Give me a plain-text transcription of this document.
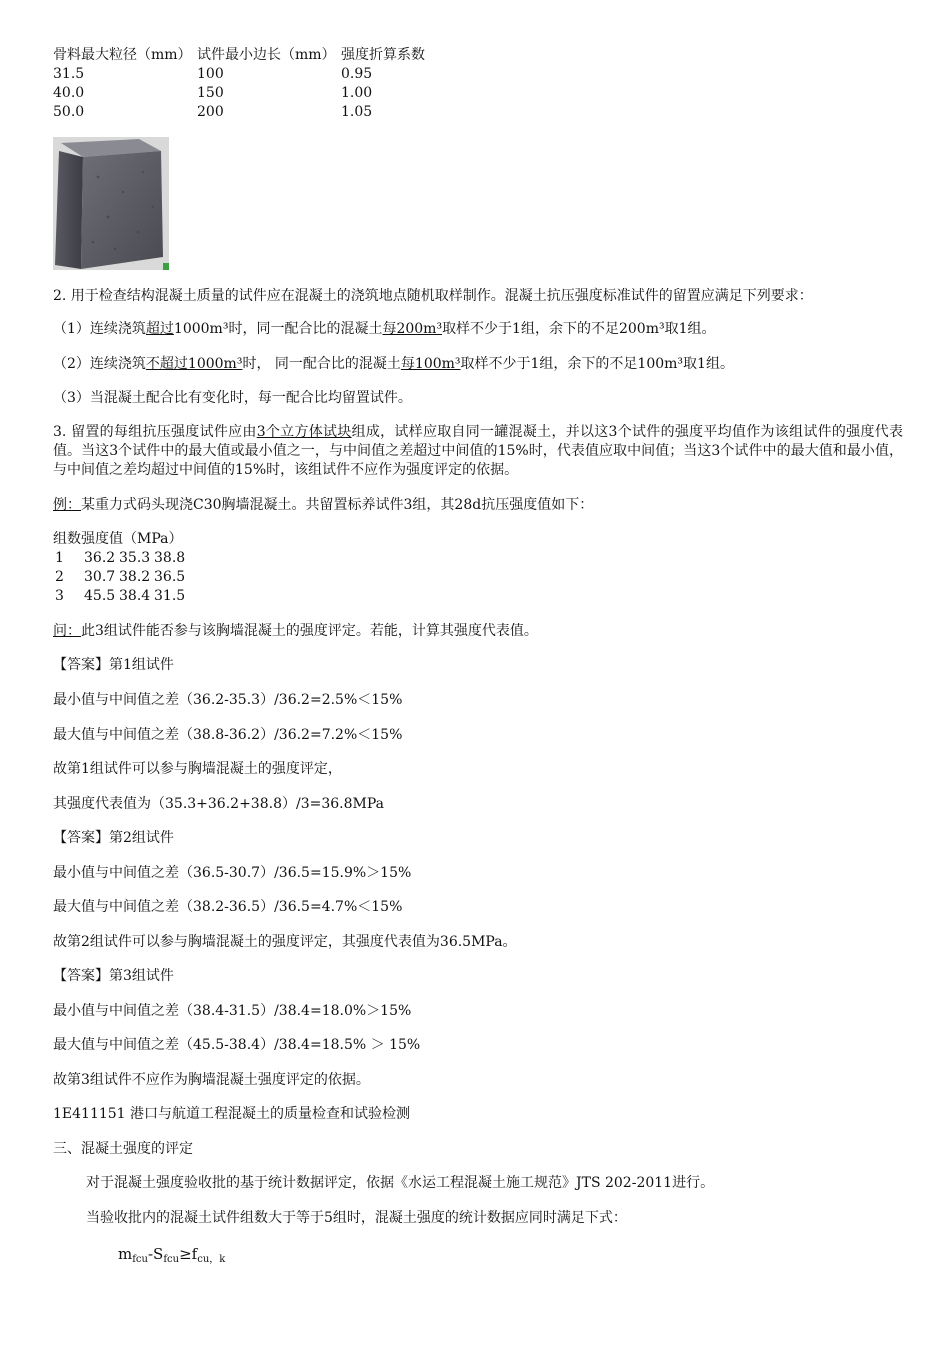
骨料最大粒径（mm） 试件最小边长（mm） 强度折算系数
31.5	100	0.95
40.0	150	1.00
50.0	200	1.05
2. 用于检查结构混凝土质量的试件应在混凝土的浇筑地点随机取样制作。混凝土抗压强度标准试件的留置应满足下列要求：
（1）连续浇筑超过1000m³时，同一配合比的混凝土每200m³取样不少于1组，余下的不足200m³取1组。
（2）连续浇筑不超过1000m³时， 同一配合比的混凝土每100m³取样不少于1组，余下的不足100m³取1组。
（3）当混凝土配合比有变化时，每一配合比均留置试件。
3. 留置的每组抗压强度试件应由3个立方体试块组成，试样应取自同一罐混凝土，并以这3个试件的强度平均值作为该组试件的强度代表值。当这3个试件中的最大值或最小值之一，与中间值之差超过中间值的15%时，代表值应取中间值；当这3个试件中的最大值和最小值，与中间值之差均超过中间值的15%时，该组试件不应作为强度评定的依据。
例：某重力式码头现浇C30胸墙混凝土。共留置标养试件3组，其28d抗压强度值如下：
组数强度值（MPa）
1 36.2 35.3 38.8
2 30.7 38.2 36.5
3 45.5 38.4 31.5
问：此3组试件能否参与该胸墙混凝土的强度评定。若能，计算其强度代表值。
【答案】第1组试件
最小值与中间值之差（36.2-35.3）/36.2=2.5%＜15%
最大值与中间值之差（38.8-36.2）/36.2=7.2%＜15%
故第1组试件可以参与胸墙混凝土的强度评定，
其强度代表值为（35.3+36.2+38.8）/3=36.8MPa
【答案】第2组试件
最小值与中间值之差（36.5-30.7）/36.5=15.9%＞15%
最大值与中间值之差（38.2-36.5）/36.5=4.7%＜15%
故第2组试件可以参与胸墙混凝土的强度评定，其强度代表值为36.5MPa。
【答案】第3组试件
最小值与中间值之差（38.4-31.5）/38.4=18.0%＞15%
最大值与中间值之差（45.5-38.4）/38.4=18.5% ＞ 15%
故第3组试件不应作为胸墙混凝土强度评定的依据。
1E411151 港口与航道工程混凝土的质量检查和试验检测
三、混凝土强度的评定
对于混凝土强度验收批的基于统计数据评定，依据《水运工程混凝土施工规范》JTS 202-2011进行。
当验收批内的混凝土试件组数大于等于5组时，混凝土强度的统计数据应同时满足下式：
$m_{fcu}-S_{fcu}\ge f_{cu,k}$
